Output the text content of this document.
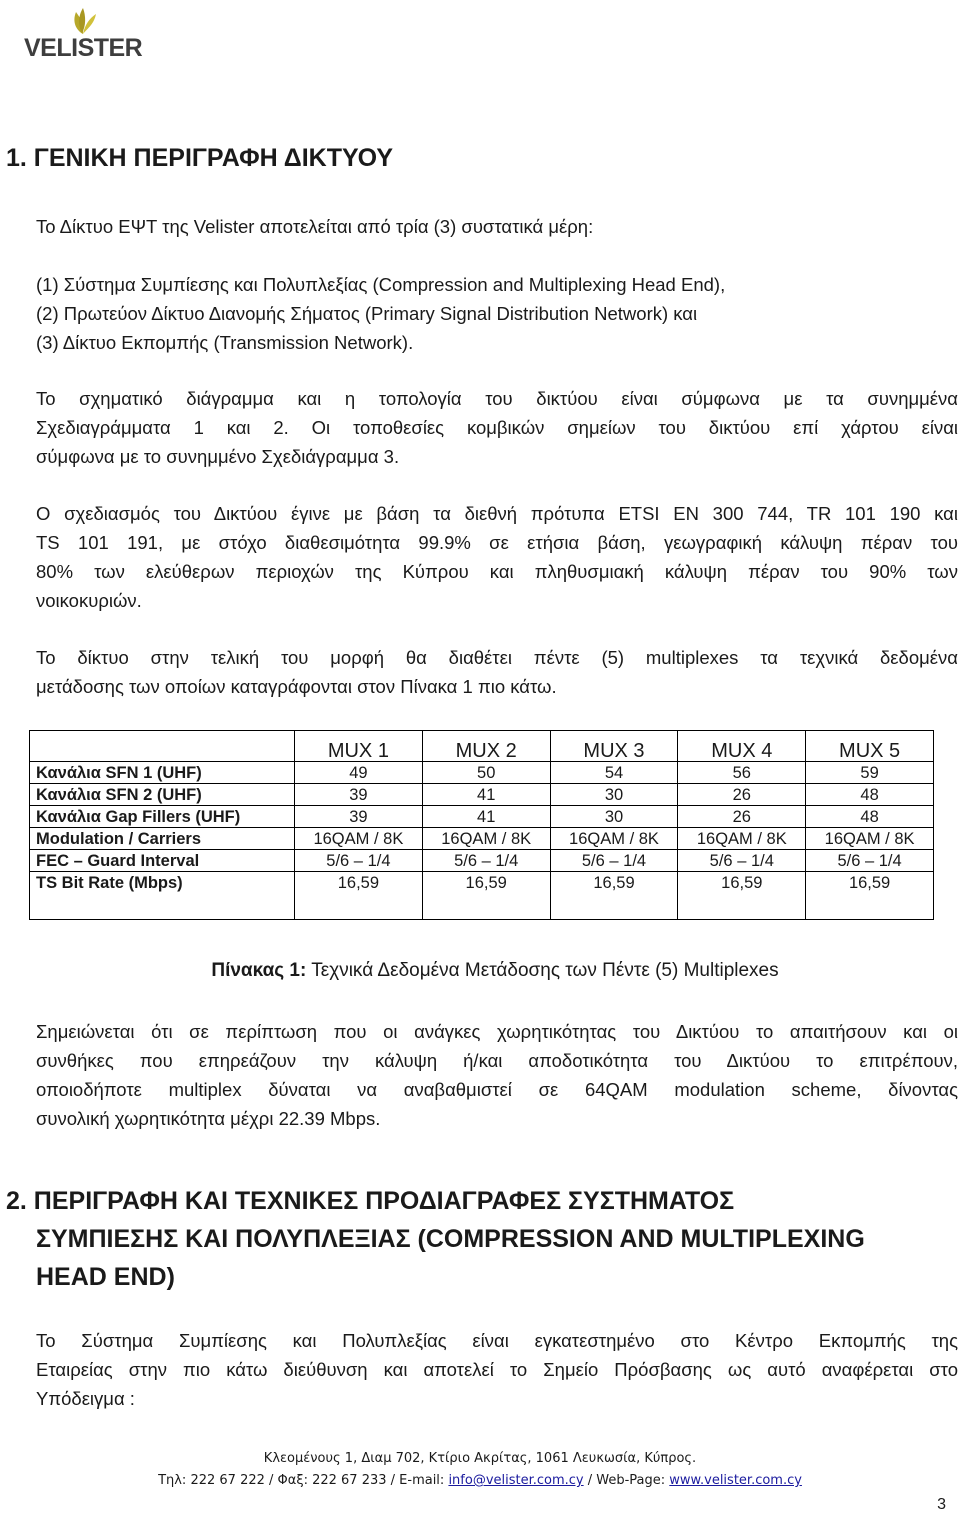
VELISTER
1. ΓΕΝΙΚΗ ΠΕΡΙΓΡΑΦΗ ΔΙΚΤΥΟΥ

Το Δίκτυο ΕΨΤ της Velister αποτελείται από τρία (3) συστατικά μέρη:

(1) Σύστημα Συμπίεσης και Πολυπλεξίας (Compression and Multiplexing Head End),
(2) Πρωτεύον Δίκτυο Διανομής Σήματος (Primary Signal Distribution Network) και
(3) Δίκτυο Εκπομπής (Transmission Network).
Το σχηματικό διάγραμμα και η τοπολογία του δικτύου είναι σύμφωνα με τα συνημμένα
Σχεδιαγράμματα 1 και 2. Οι τοποθεσίες κομβικών σημείων του δικτύου επί χάρτου είναι
σύμφωνα με το συνημμένο Σχεδιάγραμμα 3.
Ο σχεδιασμός του Δικτύου έγινε με βάση τα διεθνή πρότυπα ETSI EN 300 744, TR 101 190 και
TS 101 191, με στόχο διαθεσιμότητα 99.9% σε ετήσια βάση, γεωγραφική κάλυψη πέραν του
80% των ελεύθερων περιοχών της Κύπρου και πληθυσμιακή κάλυψη πέραν του 90% των
νοικοκυριών.
Το δίκτυο στην τελική του μορφή θα διαθέτει πέντε (5) multiplexes τα τεχνικά δεδομένα
μετάδοσης των οποίων καταγράφονται στον Πίνακα 1 πιο κάτω.
	MUX 1	MUX 2	MUX 3	MUX 4	MUX 5
Κανάλια SFN 1 (UHF)	49	50	54	56	59
Κανάλια SFN 2 (UHF)	39	41	30	26	48
Κανάλια Gap Fillers (UHF)	39	41	30	26	48
Modulation / Carriers	16QAM / 8K	16QAM / 8K	16QAM / 8K	16QAM / 8K	16QAM / 8K
FEC – Guard Interval	5/6 – 1/4	5/6 – 1/4	5/6 – 1/4	5/6 – 1/4	5/6 – 1/4
TS Bit Rate (Mbps)	16,59	16,59	16,59	16,59	16,59
Πίνακας 1: Τεχνικά Δεδομένα Μετάδοσης των Πέντε (5) Multiplexes
Σημειώνεται ότι σε περίπτωση που οι ανάγκες χωρητικότητας του Δικτύου το απαιτήσουν και οι
συνθήκες που επηρεάζουν την κάλυψη ή/και αποδοτικότητα του Δικτύου το επιτρέπουν,
οποιοδήποτε multiplex δύναται να αναβαθμιστεί σε 64QAM modulation scheme, δίνοντας
συνολική χωρητικότητα μέχρι 22.39 Mbps.
2. ΠΕΡΙΓΡΑΦΗ ΚΑΙ ΤΕΧΝΙΚΕΣ ΠΡΟΔΙΑΓΡΑΦΕΣ ΣΥΣΤΗΜΑΤΟΣ
ΣΥΜΠΙΕΣΗΣ ΚΑΙ ΠΟΛΥΠΛΕΞΙΑΣ (COMPRESSION AND MULTIPLEXING
HEAD END)
Το Σύστημα Συμπίεσης και Πολυπλεξίας είναι εγκατεστημένο στο Κέντρο Εκπομπής της
Εταιρείας στην πιο κάτω διεύθυνση και αποτελεί το Σημείο Πρόσβασης ως αυτό αναφέρεται στο
Υπόδειγμα :
Κλεομένους 1, Διαμ 702, Κτίριο Ακρίτας, 1061 Λευκωσία, Κύπρος.
Τηλ: 222 67 222 / Φαξ: 222 67 233 / E-mail: info@velister.com.cy / Web-Page: www.velister.com.cy
3
